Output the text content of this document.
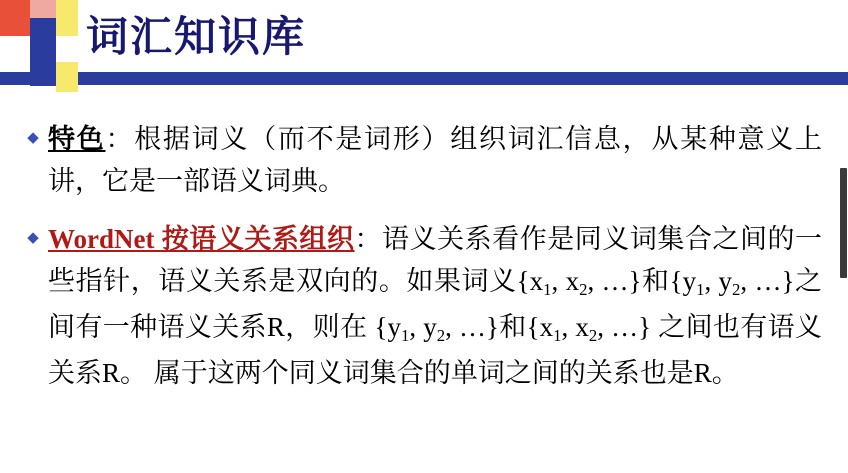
词汇知识库
◆ 特色：根据词义（而不是词形）组织词汇信息，从某种意义上讲，它是一部语义词典。
◆ WordNet 按语义关系组织：语义关系看作是同义词集合之间的一些指针，语义关系是双向的。如果词义{$x_1$, $x_2$, …}和{$y_1$, $y_2$, …}之间有一种语义关系R，则在 {$y_1$, $y_2$, …}和{$x_1$, $x_2$, …} 之间也有语义关系R。 属于这两个同义词集合的单词之间的关系也是R。
